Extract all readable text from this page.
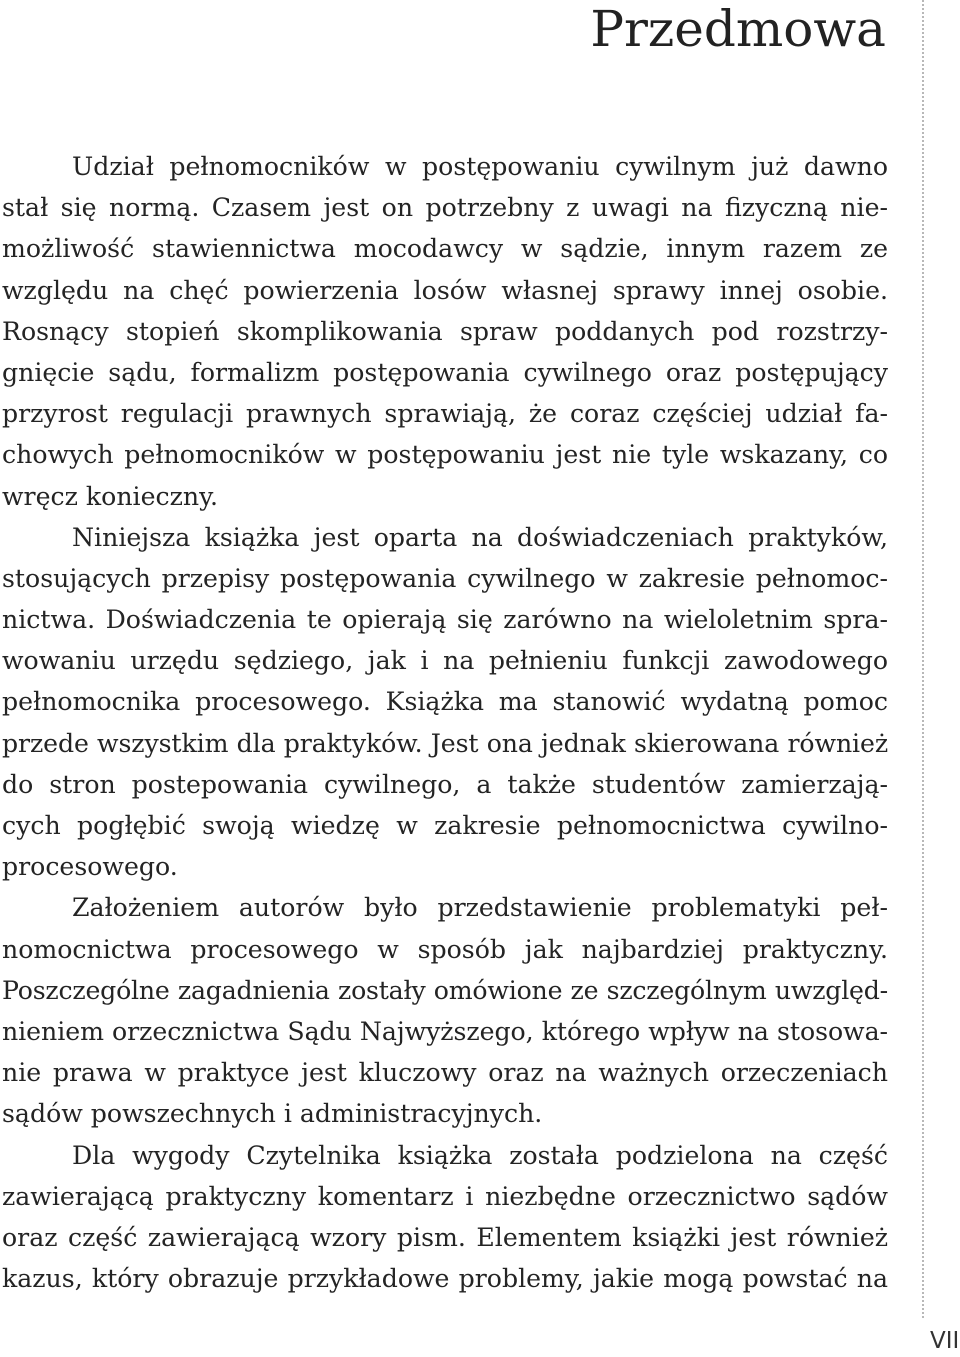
Przedmowa
Udział pełnomocników w postępowaniu cywilnym już dawno
stał się normą. Czasem jest on potrzebny z uwagi na fizyczną nie-
możliwość stawiennictwa mocodawcy w sądzie, innym razem ze
względu na chęć powierzenia losów własnej sprawy innej osobie.
Rosnący stopień skomplikowania spraw poddanych pod rozstrzy-
gnięcie sądu, formalizm postępowania cywilnego oraz postępujący
przyrost regulacji prawnych sprawiają, że coraz częściej udział fa-
chowych pełnomocników w postępowaniu jest nie tyle wskazany, co
wręcz konieczny.
Niniejsza książka jest oparta na doświadczeniach praktyków,
stosujących przepisy postępowania cywilnego w zakresie pełnomoc-
nictwa. Doświadczenia te opierają się zarówno na wieloletnim spra-
wowaniu urzędu sędziego, jak i na pełnieniu funkcji zawodowego
pełnomocnika procesowego. Książka ma stanowić wydatną pomoc
przede wszystkim dla praktyków. Jest ona jednak skierowana również
do stron postepowania cywilnego, a także studentów zamierzają-
cych pogłębić swoją wiedzę w zakresie pełnomocnictwa cywilno-
procesowego.
Założeniem autorów było przedstawienie problematyki peł-
nomocnictwa procesowego w sposób jak najbardziej praktyczny.
Poszczególne zagadnienia zostały omówione ze szczególnym uwzględ-
nieniem orzecznictwa Sądu Najwyższego, którego wpływ na stosowa-
nie prawa w praktyce jest kluczowy oraz na ważnych orzeczeniach
sądów powszechnych i administracyjnych.
Dla wygody Czytelnika książka została podzielona na część
zawierającą praktyczny komentarz i niezbędne orzecznictwo sądów
oraz część zawierającą wzory pism. Elementem książki jest również
kazus, który obrazuje przykładowe problemy, jakie mogą powstać na
VII
